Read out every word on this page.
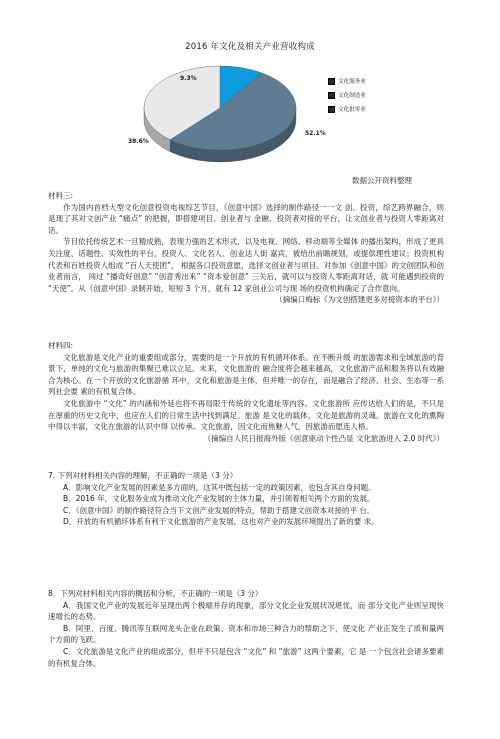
2016 年文化及相关产业营收构成
9.3%
52.1%
38.6%
文化服务业
文化制造业
文化批零业
数据公开资料整理

材料三:

作为国内首档大型文化创意投资电视综艺节目，《创意中国》选择的制作路径一一文 创、投资，综艺跨界融合，则是现了其对文创产业 “痛点” 的把握，即搭建项目、创业者与 金融、投资者对接的平台，让文创业者与投资人零距离对话。

节目依托传统艺术一旦精成熟，表现力强的艺术形式，以及电视、网络、移动端等全媒体 的播出架构，形成了更具关注度、话题性、实效性的平台。投资人、文化名人、创业达人街 嘉宾，被给出前瞻规划，或提供理性建议；投资机构代表和百姓投资人组成 “百人天使团”， 根据各口投资意愿，选择文创业者与项目。对参加《创意中国》的文创团队和创业者而言， 闯过 “播奇好创意” “创意秀出来” “资本爱创意” 三关后，就可以与投资人零距离对话，就 可能遇到投资的 “天使”。从《创意中国》录制开始，短短 3 个月，就有 12 家创业公司与现 场的投资机构确定了合作意向。

（摘编口梅标《为文创搭建更多对接资本的平台》）

材料四:

文化旅游是文化产业的重要组成部分，需要的是一个开放的有机循环体系。在不断升级 的旅游需求和全域旅游的背景下，单纯的文化与旅游的集聚已难以立足。未来，文化旅游的 融合度将会越来越高，文化旅游产品和服务将以有效融合为核心。在一个开放的文化旅游循 环中，文化和旅游是主体，但并唯一的存在，而是融合了经济、社会、生态等一系列社会要 素的有机复合体。

文化旅游中 “文化” 的内涵和外延也将不再局限于传统的文化遗址等内容。文化旅游所 应传达给人们的是，不只是在厚重的历史文化中，也应在人们的日常生活中找到满足。旅游 是文化的载体，文化是旅游的灵魂。旅游在文化的熏陶中得以丰富，文化在旅游的认识中得 以传承。文化旅游，因文化而焦魅人气，因旅游而愿连人格。

（摘编自人民日报海外版《创意驱动个性凸显 文化旅游进入 2.0 时代》）

7. 下列对材料相关内容的理解，不正确的一项是（3 分）

A．影响文化产业发展的因素是多方面的，这其中既包括一定的政策因素，也包含其自身问题。

B．2016 年，文化服务业成为推动文化产业发展的主体力量，并引领着相关两个方面的发展。

C．《创意中国》的制作路径符合当下文创产业发展的特点，帮助于搭建文创资本对接的平 台。

D．开放的有机循环体系有利于文化旅游的产业发展，这也对产业的发展环境提出了新的要 求。

8．下列对材料相关内容的概括和分析，不正确的一项是（3 分）

A．我国文化产业的发展近年呈现出两个极端并存的现象，部分文化企业发展状况堪忧，而 部分文化产业则呈现快速增长的态势。

B．阿里、百度、腾讯等互联网龙头企业在政策、资本和市场三种合力的帮助之下，使文化 产业正发生了质和量两个方面的飞跃。

C．文化旅游是文化产业的组成部分，但并不只是包含 “文化” 和 “旅游” 这两个要素，它 是 一个包含社会诸多要素的有机复合体。
